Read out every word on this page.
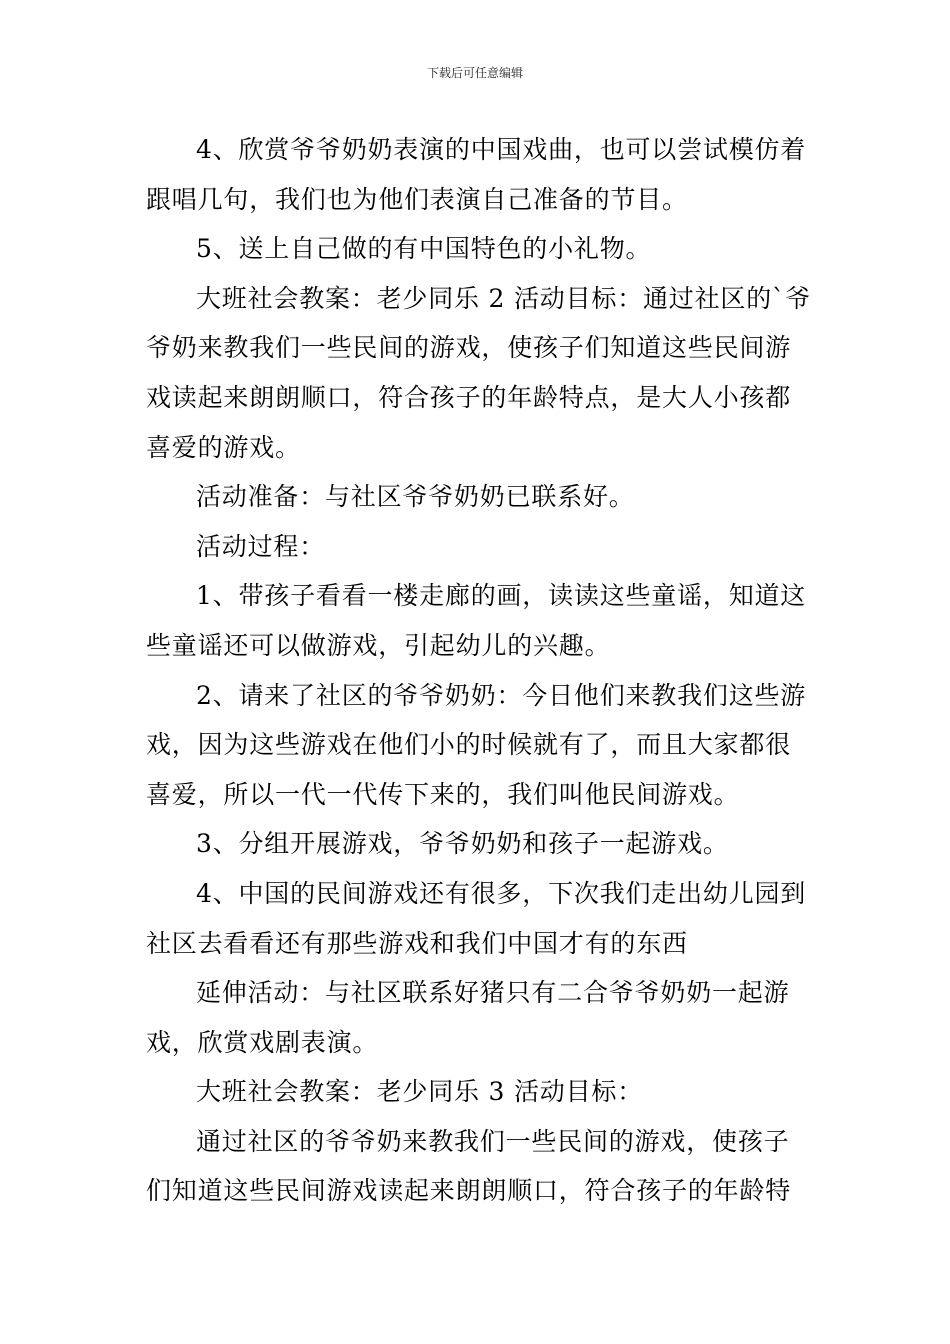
下载后可任意编辑

4、欣赏爷爷奶奶表演的中国戏曲，也可以尝试模仿着跟唱几句，我们也为他们表演自己准备的节目。

5、送上自己做的有中国特色的小礼物。

大班社会教案：老少同乐 2 活动目标：通过社区的`爷爷奶来教我们一些民间的游戏，使孩子们知道这些民间游戏读起来朗朗顺口，符合孩子的年龄特点，是大人小孩都喜爱的游戏。

活动准备：与社区爷爷奶奶已联系好。

活动过程：

1、带孩子看看一楼走廊的画，读读这些童谣，知道这些童谣还可以做游戏，引起幼儿的兴趣。

2、请来了社区的爷爷奶奶：今日他们来教我们这些游戏，因为这些游戏在他们小的时候就有了，而且大家都很喜爱，所以一代一代传下来的，我们叫他民间游戏。

3、分组开展游戏，爷爷奶奶和孩子一起游戏。

4、中国的民间游戏还有很多，下次我们走出幼儿园到社区去看看还有那些游戏和我们中国才有的东西

延伸活动：与社区联系好猪只有二合爷爷奶奶一起游戏，欣赏戏剧表演。

大班社会教案：老少同乐 3 活动目标：

通过社区的爷爷奶来教我们一些民间的游戏，使孩子们知道这些民间游戏读起来朗朗顺口，符合孩子的年龄特
